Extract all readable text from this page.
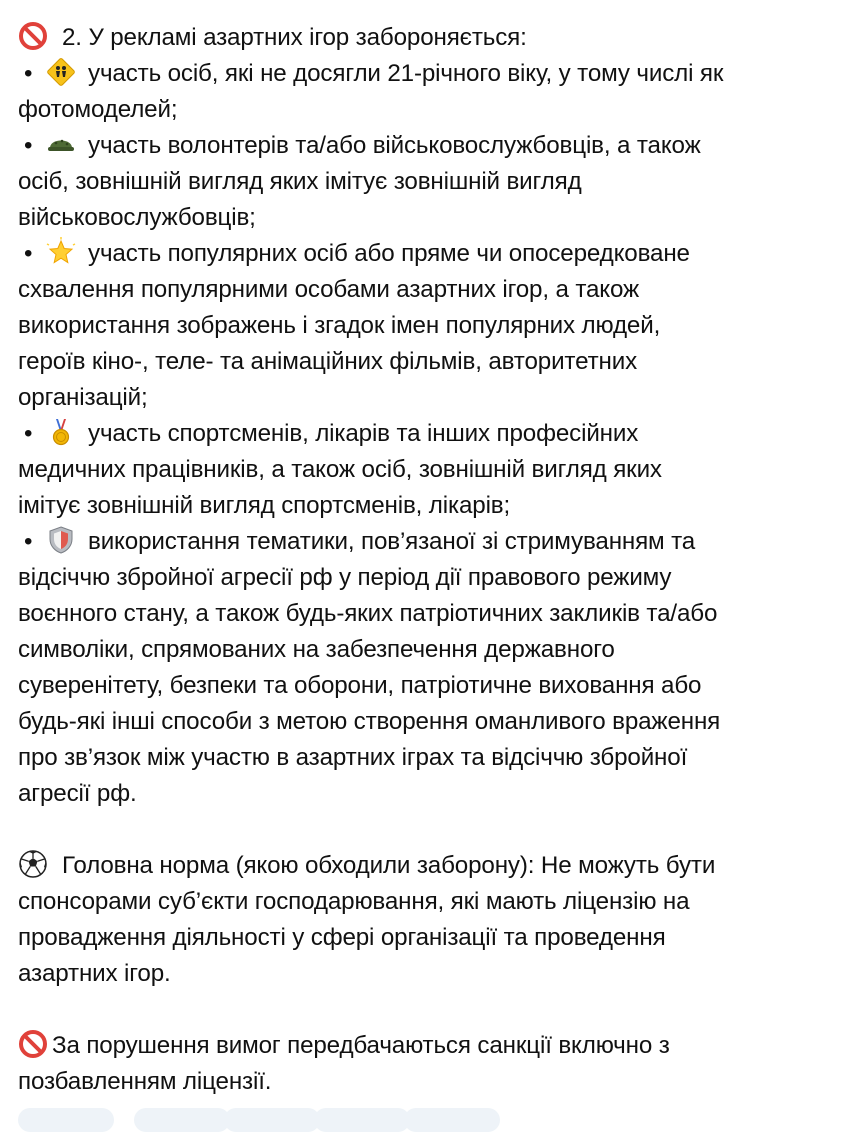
2. У рекламі азартних ігор забороняється:
• участь осіб, які не досягли 21-річного віку, у тому числі як
фотомоделей;
• участь волонтерів та/або військовослужбовців, а також
осіб, зовнішній вигляд яких імітує зовнішній вигляд
військовослужбовців;
• участь популярних осіб або пряме чи опосередковане
схвалення популярними особами азартних ігор, а також
використання зображень і згадок імен популярних людей,
героїв кіно-, теле- та анімаційних фільмів, авторитетних
організацій;
• участь спортсменів, лікарів та інших професійних
медичних працівників, а також осіб, зовнішній вигляд яких
імітує зовнішній вигляд спортсменів, лікарів;
• використання тематики, пов’язаної зі стримуванням та
відсіччю збройної агресії рф у період дії правового режиму
воєнного стану, а також будь-яких патріотичних закликів та/або
символіки, спрямованих на забезпечення державного
суверенітету, безпеки та оборони, патріотичне виховання або
будь-які інші способи з метою створення оманливого враження
про зв’язок між участю в азартних іграх та відсіччю збройної
агресії рф.
Головна норма (якою обходили заборону): Не можуть бути
спонсорами суб’єкти господарювання, які мають ліцензію на
провадження діяльності у сфері організації та проведення
азартних ігор.
За порушення вимог передбачаються санкції включно з
позбавленням ліцензії.
